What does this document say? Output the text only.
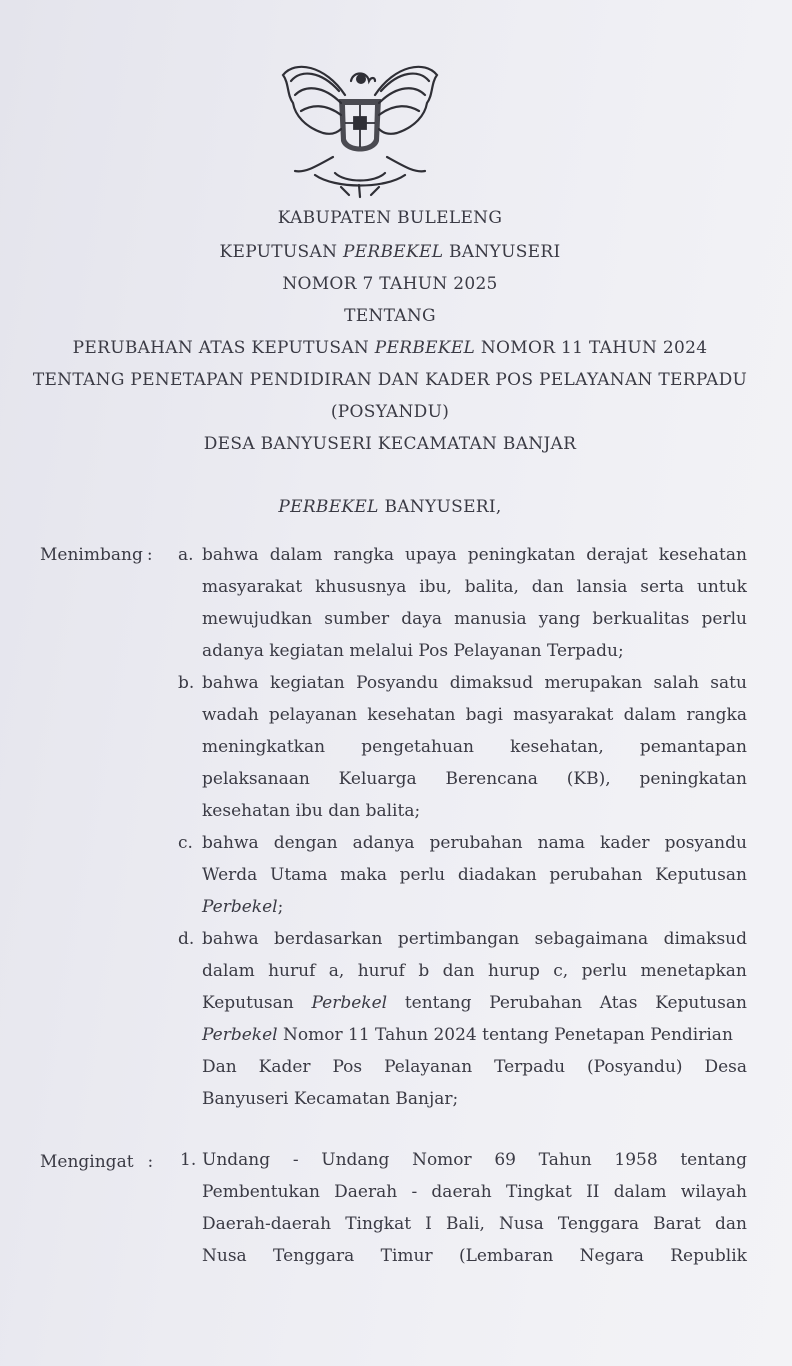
KABUPATEN BULELENG
KEPUTUSAN PERBEKEL BANYUSERI
NOMOR 7 TAHUN 2025
TENTANG
PERUBAHAN ATAS KEPUTUSAN PERBEKEL NOMOR 11 TAHUN 2024
TENTANG PENETAPAN PENDIDIRAN DAN KADER POS PELAYANAN TERPADU
(POSYANDU)
DESA BANYUSERI KECAMATAN BANJAR
PERBEKEL BANYUSERI,
Menimbang : a. bahwa dalam rangka upaya peningkatan derajat kesehatan
masyarakat khususnya ibu, balita, dan lansia serta untuk
mewujudkan sumber daya manusia yang berkualitas perlu
adanya kegiatan melalui Pos Pelayanan Terpadu;
b. bahwa kegiatan Posyandu dimaksud merupakan salah satu
wadah pelayanan kesehatan bagi masyarakat dalam rangka
meningkatkan pengetahuan kesehatan, pemantapan
pelaksanaan Keluarga Berencana (KB), peningkatan
kesehatan ibu dan balita;
c. bahwa dengan adanya perubahan nama kader posyandu
Werda Utama maka perlu diadakan perubahan Keputusan
Perbekel;
d. bahwa berdasarkan pertimbangan sebagaimana dimaksud
dalam huruf a, huruf b dan hurup c, perlu menetapkan
Keputusan Perbekel tentang Perubahan Atas Keputusan
Perbekel Nomor 11 Tahun 2024 tentang Penetapan Pendirian
Dan Kader Pos Pelayanan Terpadu (Posyandu) Desa
Banyuseri Kecamatan Banjar;
Mengingat : 1. Undang - Undang Nomor 69 Tahun 1958 tentang
Pembentukan Daerah - daerah Tingkat II dalam wilayah
Daerah-daerah Tingkat I Bali, Nusa Tenggara Barat dan
Nusa Tenggara Timur (Lembaran Negara Republik
